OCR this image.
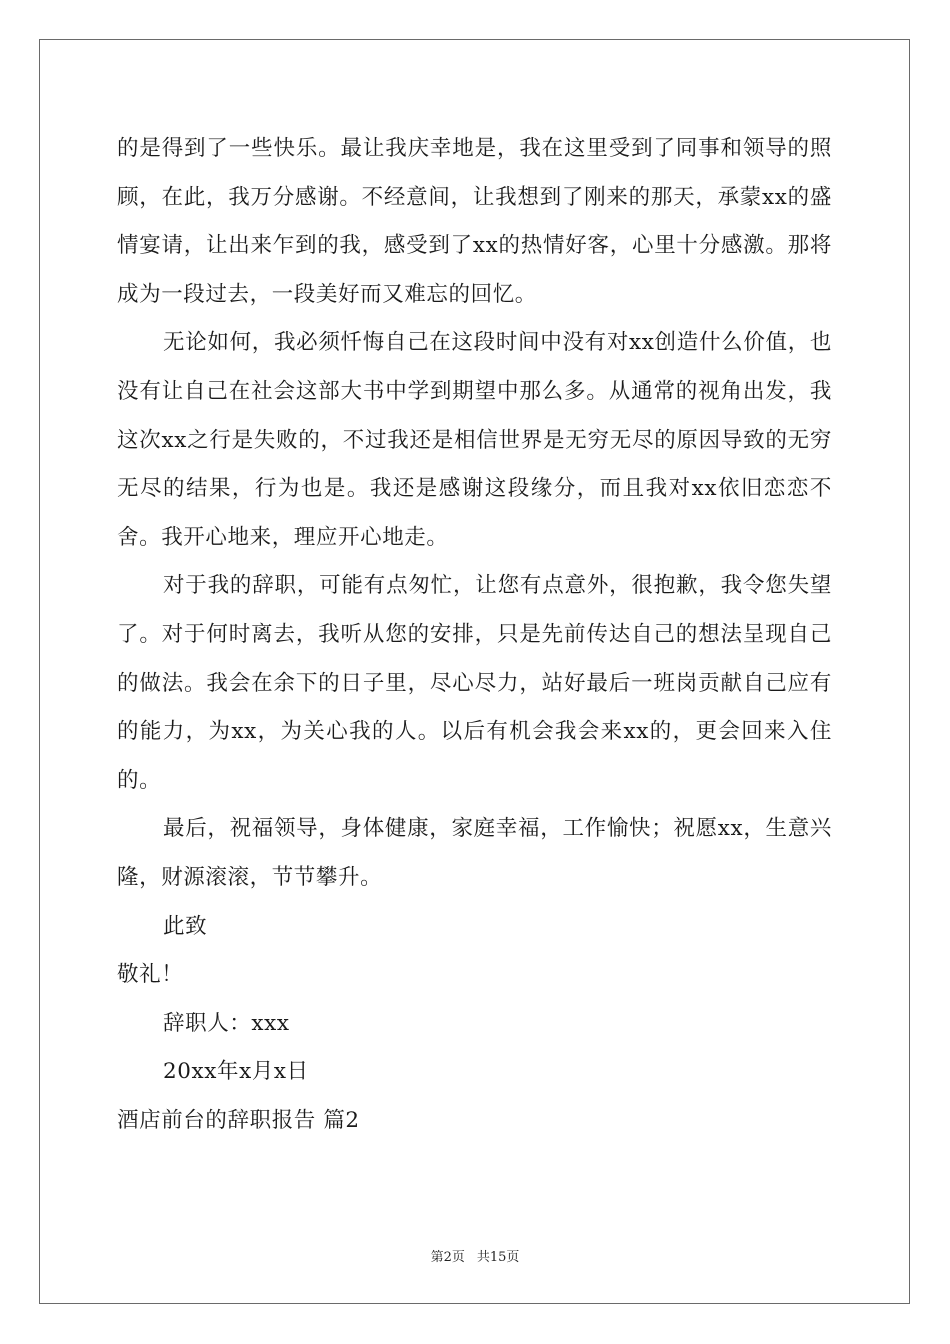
的是得到了一些快乐。最让我庆幸地是，我在这里受到了同事和领导的照顾，在此，我万分感谢。不经意间，让我想到了刚来的那天，承蒙xx的盛情宴请，让出来乍到的我，感受到了xx的热情好客，心里十分感激。那将成为一段过去，一段美好而又难忘的回忆。

无论如何，我必须忏悔自己在这段时间中没有对xx创造什么价值，也没有让自己在社会这部大书中学到期望中那么多。从通常的视角出发，我这次xx之行是失败的，不过我还是相信世界是无穷无尽的原因导致的无穷无尽的结果，行为也是。我还是感谢这段缘分，而且我对xx依旧恋恋不舍。我开心地来，理应开心地走。

对于我的辞职，可能有点匆忙，让您有点意外，很抱歉，我令您失望了。对于何时离去，我听从您的安排，只是先前传达自己的想法呈现自己的做法。我会在余下的日子里，尽心尽力，站好最后一班岗贡献自己应有的能力，为xx，为关心我的人。以后有机会我会来xx的，更会回来入住的。

最后，祝福领导，身体健康，家庭幸福，工作愉快；祝愿xx，生意兴隆，财源滚滚，节节攀升。

此致

敬礼！

辞职人：xxx

20xx年x月x日

酒店前台的辞职报告 篇2

第2页 共15页
